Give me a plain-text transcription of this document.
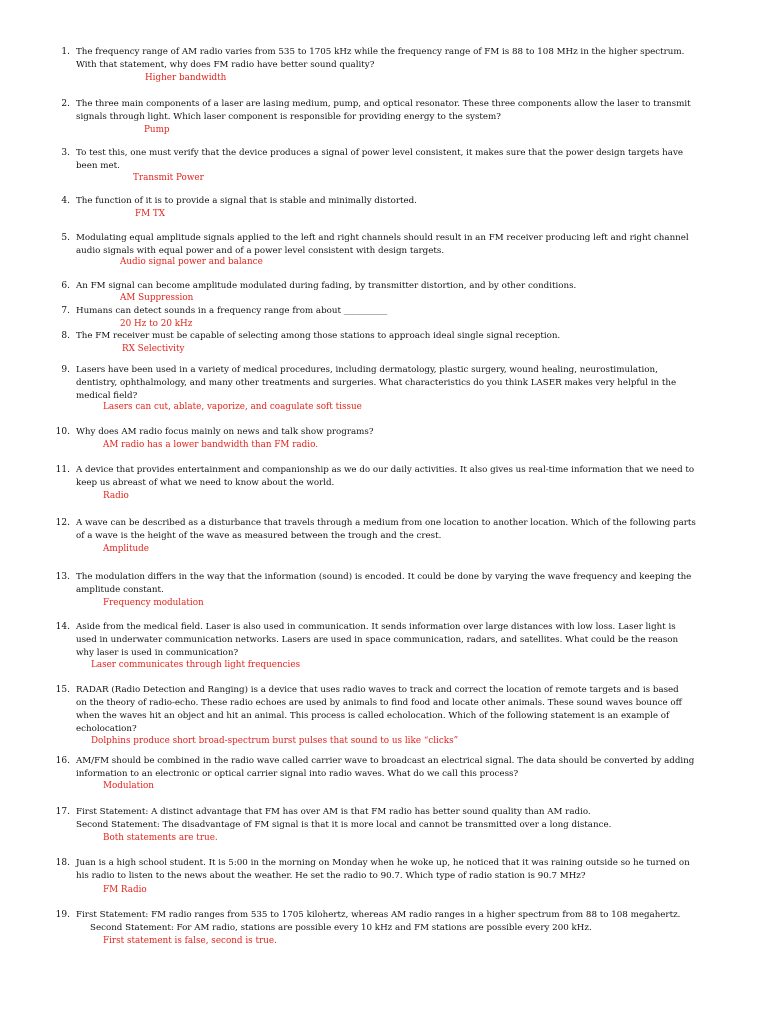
1. The frequency range of AM radio varies from 535 to 1705 kHz while the frequency range of FM is 88 to 108 MHz in the higher spectrum.
With that statement, why does FM radio have better sound quality?
Higher bandwidth
2. The three main components of a laser are lasing medium, pump, and optical resonator. These three components allow the laser to transmit
signals through light. Which laser component is responsible for providing energy to the system?
Pump
3. To test this, one must verify that the device produces a signal of power level consistent, it makes sure that the power design targets have
been met.
Transmit Power
4. The function of it is to provide a signal that is stable and minimally distorted.
FM TX
5. Modulating equal amplitude signals applied to the left and right channels should result in an FM receiver producing left and right channel
audio signals with equal power and of a power level consistent with design targets.
Audio signal power and balance
6. An FM signal can become amplitude modulated during fading, by transmitter distortion, and by other conditions.
AM Suppression
7. Humans can detect sounds in a frequency range from about __________
20 Hz to 20 kHz
8. The FM receiver must be capable of selecting among those stations to approach ideal single signal reception.
RX Selectivity
9. Lasers have been used in a variety of medical procedures, including dermatology, plastic surgery, wound healing, neurostimulation,
dentistry, ophthalmology, and many other treatments and surgeries. What characteristics do you think LASER makes very helpful in the
medical field?
Lasers can cut, ablate, vaporize, and coagulate soft tissue
10. Why does AM radio focus mainly on news and talk show programs?
AM radio has a lower bandwidth than FM radio.
11. A device that provides entertainment and companionship as we do our daily activities. It also gives us real-time information that we need to
keep us abreast of what we need to know about the world.
Radio
12. A wave can be described as a disturbance that travels through a medium from one location to another location. Which of the following parts
of a wave is the height of the wave as measured between the trough and the crest.
Amplitude
13. The modulation differs in the way that the information (sound) is encoded. It could be done by varying the wave frequency and keeping the
amplitude constant.
Frequency modulation
14. Aside from the medical field. Laser is also used in communication. It sends information over large distances with low loss. Laser light is
used in underwater communication networks. Lasers are used in space communication, radars, and satellites. What could be the reason
why laser is used in communication?
Laser communicates through light frequencies
15. RADAR (Radio Detection and Ranging) is a device that uses radio waves to track and correct the location of remote targets and is based
on the theory of radio-echo. These radio echoes are used by animals to find food and locate other animals. These sound waves bounce off
when the waves hit an object and hit an animal. This process is called echolocation. Which of the following statement is an example of
echolocation?
Dolphins produce short broad-spectrum burst pulses that sound to us like “clicks”
16. AM/FM should be combined in the radio wave called carrier wave to broadcast an electrical signal. The data should be converted by adding
information to an electronic or optical carrier signal into radio waves. What do we call this process?
Modulation
17. First Statement: A distinct advantage that FM has over AM is that FM radio has better sound quality than AM radio.
Second Statement: The disadvantage of FM signal is that it is more local and cannot be transmitted over a long distance.
Both statements are true.
18. Juan is a high school student. It is 5:00 in the morning on Monday when he woke up, he noticed that it was raining outside so he turned on
his radio to listen to the news about the weather. He set the radio to 90.7. Which type of radio station is 90.7 MHz?
FM Radio
19. First Statement: FM radio ranges from 535 to 1705 kilohertz, whereas AM radio ranges in a higher spectrum from 88 to 108 megahertz.
Second Statement: For AM radio, stations are possible every 10 kHz and FM stations are possible every 200 kHz.
First statement is false, second is true.
